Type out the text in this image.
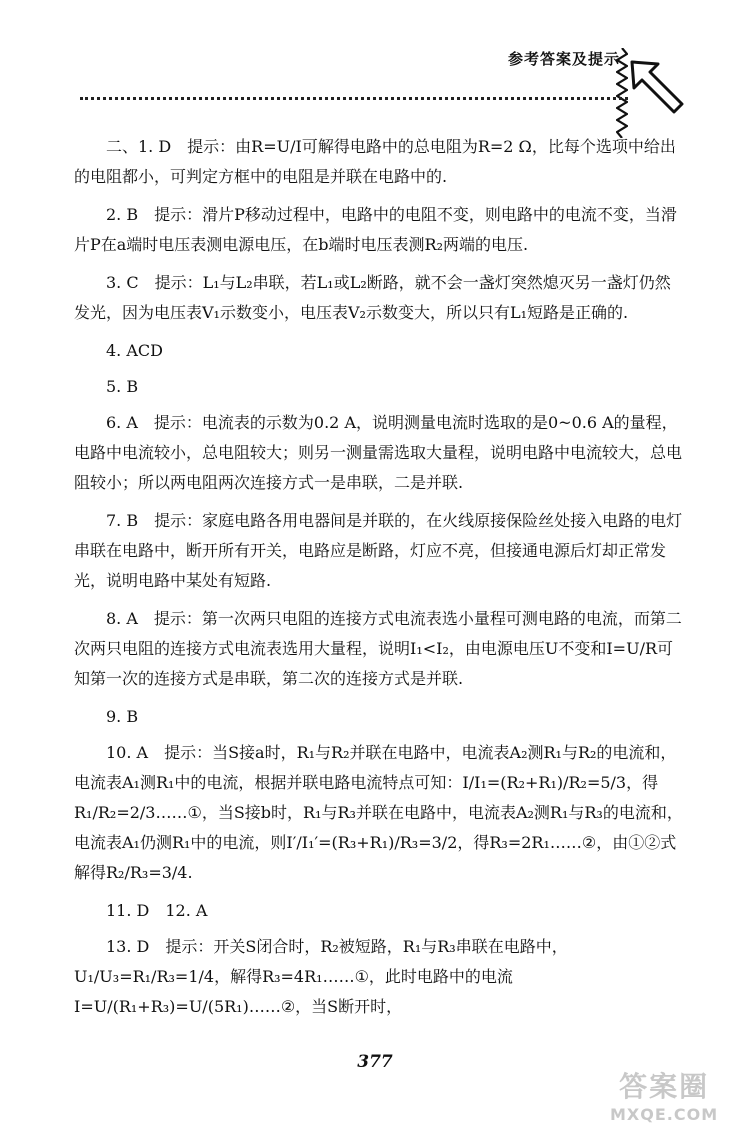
参考答案及提示

二、1. D　提示：由R=U/I可解得电路中的总电阻为R=2 Ω，比每个选项中给出的电阻都小，可判定方框中的电阻是并联在电路中的.

2. B　提示：滑片P移动过程中，电路中的电阻不变，则电路中的电流不变，当滑片P在a端时电压表测电源电压，在b端时电压表测R₂两端的电压.

3. C　提示：L₁与L₂串联，若L₁或L₂断路，就不会一盏灯突然熄灭另一盏灯仍然发光，因为电压表V₁示数变小，电压表V₂示数变大，所以只有L₁短路是正确的.

4. ACD

5. B

6. A　提示：电流表的示数为0.2 A，说明测量电流时选取的是0~0.6 A的量程，电路中电流较小，总电阻较大；则另一测量需选取大量程，说明电路中电流较大，总电阻较小；所以两电阻两次连接方式一是串联，二是并联.

7. B　提示：家庭电路各用电器间是并联的，在火线原接保险丝处接入电路的电灯串联在电路中，断开所有开关，电路应是断路，灯应不亮，但接通电源后灯却正常发光，说明电路中某处有短路.

8. A　提示：第一次两只电阻的连接方式电流表选小量程可测电路的电流，而第二次两只电阻的连接方式电流表选用大量程，说明I₁<I₂，由电源电压U不变和I=U/R可知第一次的连接方式是串联，第二次的连接方式是并联.

9. B

10. A　提示：当S接a时，R₁与R₂并联在电路中，电流表A₂测R₁与R₂的电流和，电流表A₁测R₁中的电流，根据并联电路电流特点可知：I/I₁=(R₂+R₁)/R₂=5/3，得R₁/R₂=2/3……①，当S接b时，R₁与R₃并联在电路中，电流表A₂测R₁与R₃的电流和，电流表A₁仍测R₁中的电流，则I′/I₁′=(R₃+R₁)/R₃=3/2，得R₃=2R₁……②，由①②式解得R₂/R₃=3/4.

11. D　12. A

13. D　提示：开关S闭合时，R₂被短路，R₁与R₃串联在电路中，U₁/U₃=R₁/R₃=1/4，解得R₃=4R₁……①，此时电路中的电流I=U/(R₁+R₃)=U/(5R₁)……②，当S断开时，

377
答案圈
MXQE.COM
